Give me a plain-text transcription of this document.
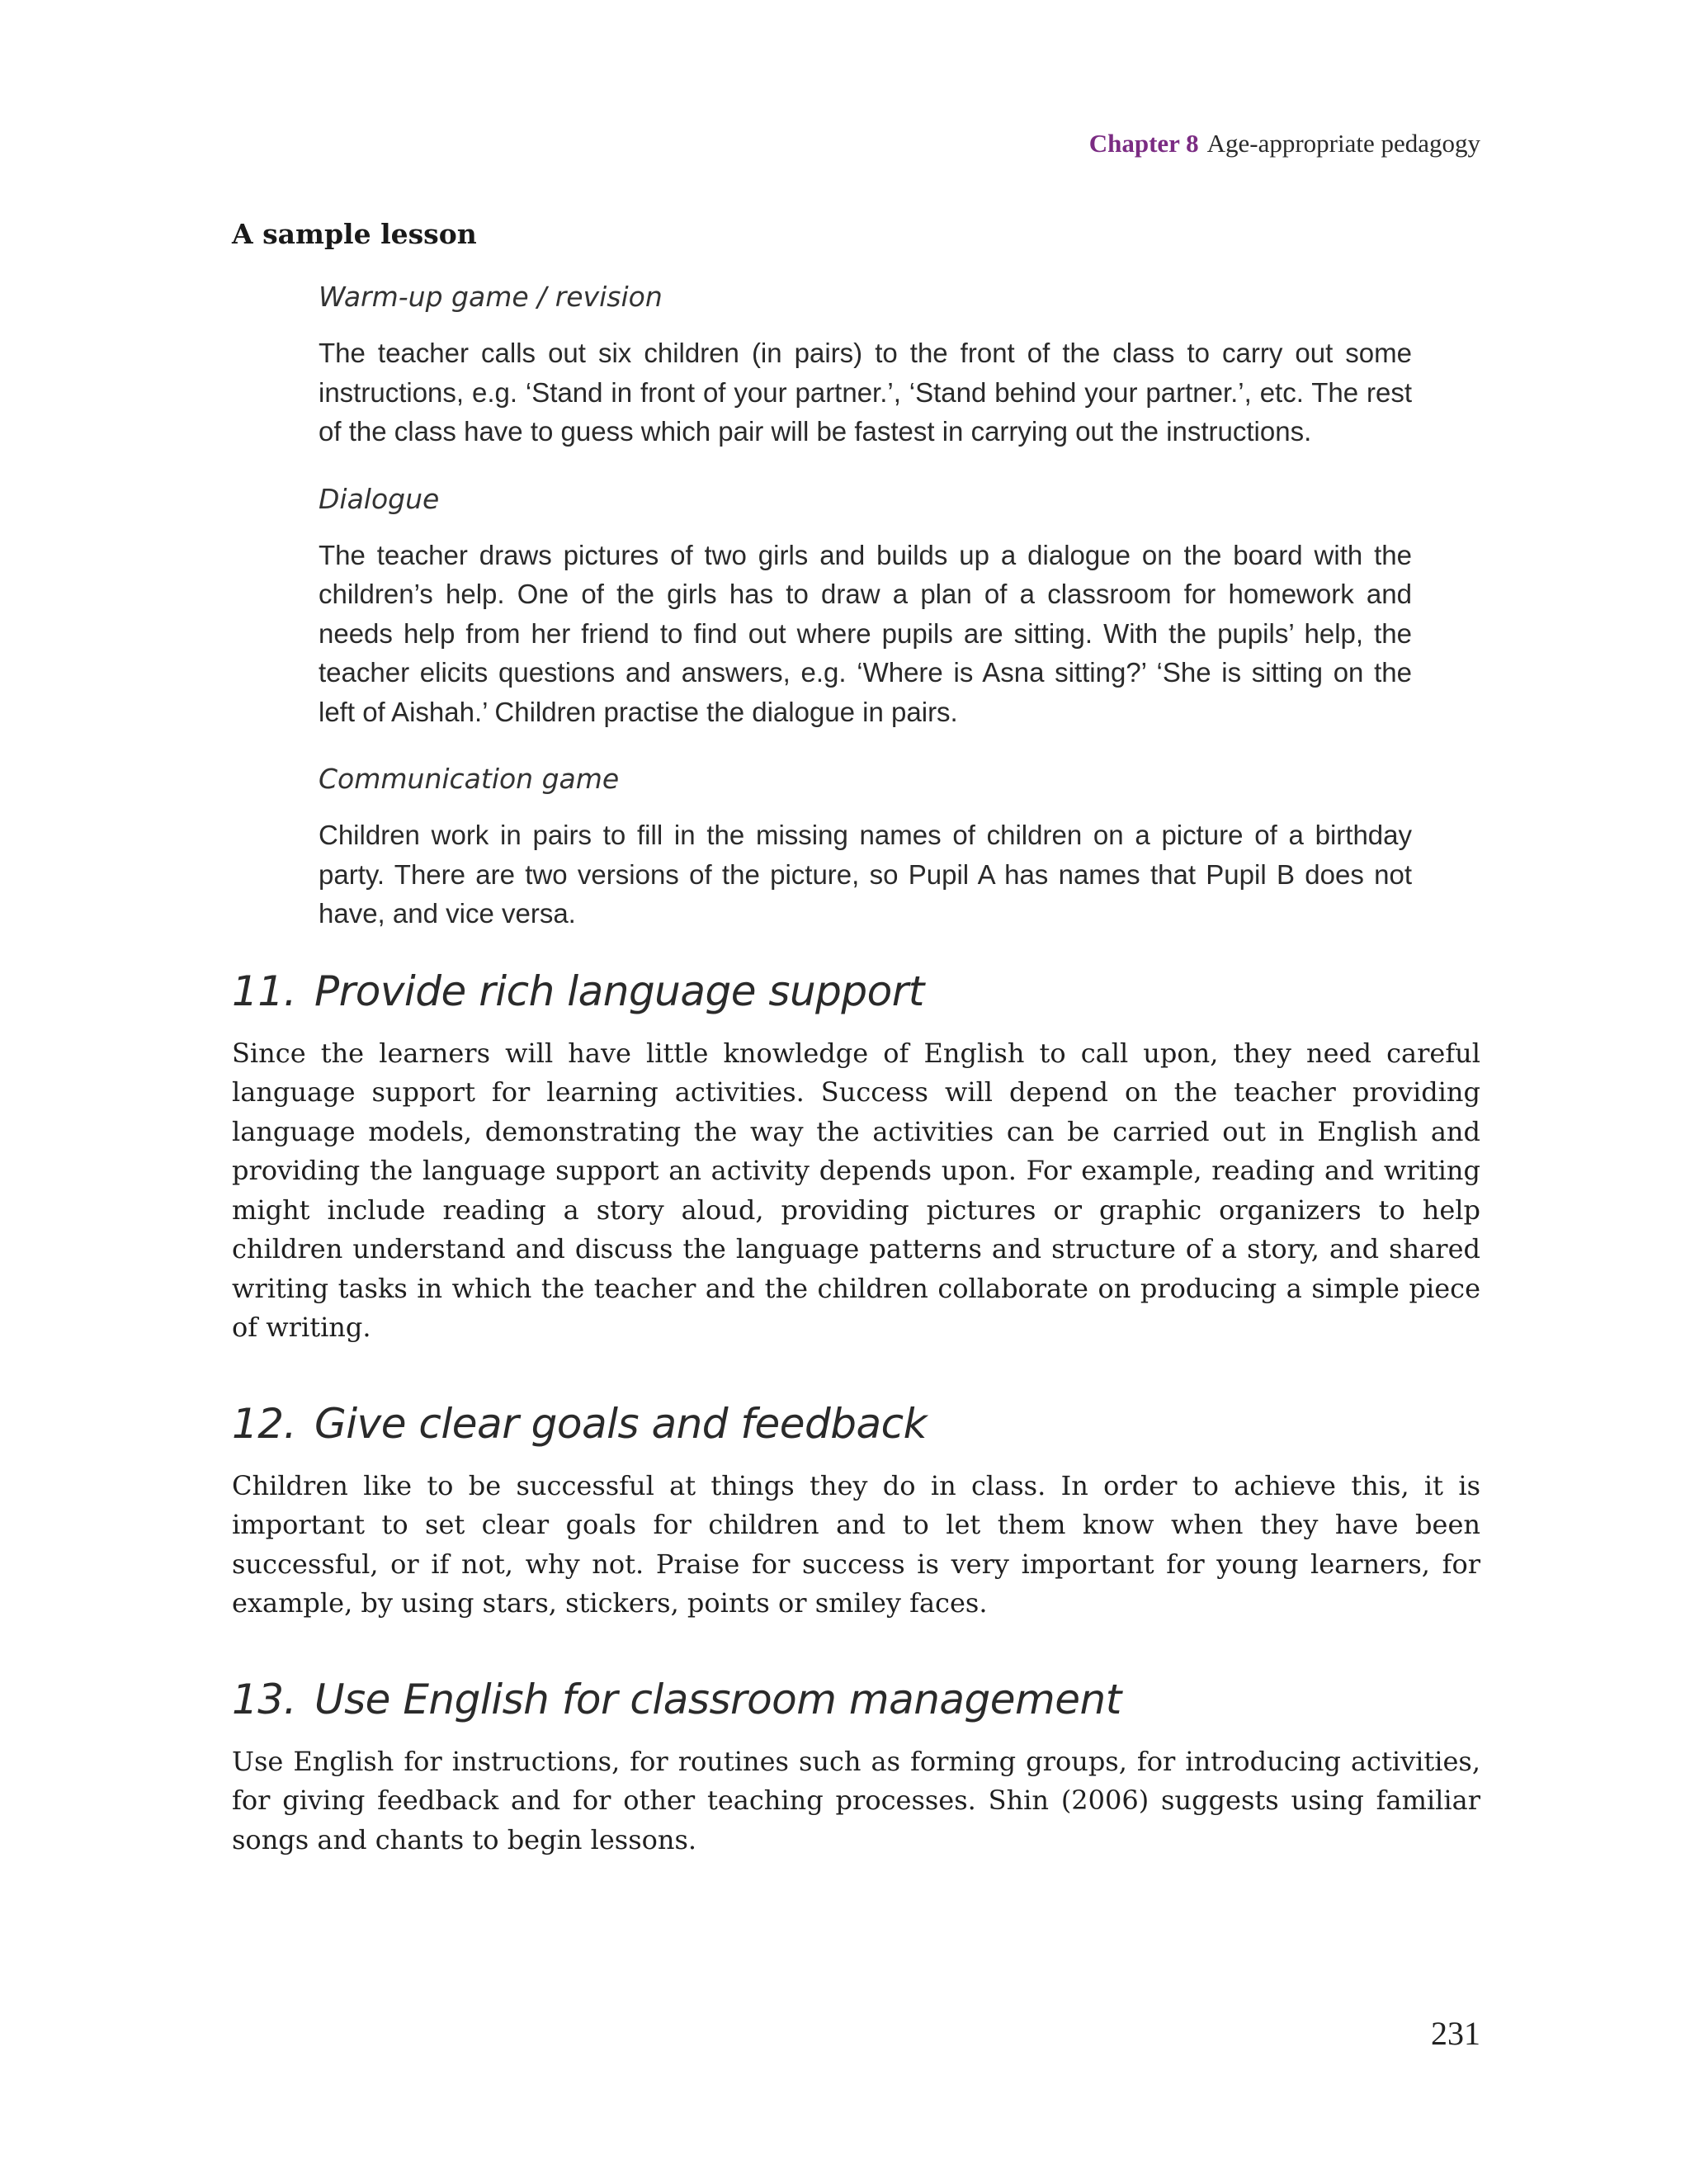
Chapter 8 Age-appropriate pedagogy
A sample lesson
Warm-up game / revision

The teacher calls out six children (in pairs) to the front of the class to carry out some instructions, e.g. ‘Stand in front of your partner.’, ‘Stand behind your partner.’, etc. The rest of the class have to guess which pair will be fastest in carrying out the instructions.

Dialogue

The teacher draws pictures of two girls and builds up a dialogue on the board with the children’s help. One of the girls has to draw a plan of a classroom for homework and needs help from her friend to find out where pupils are sitting. With the pupils’ help, the teacher elicits questions and answers, e.g. ‘Where is Asna sitting?’ ‘She is sitting on the left of Aishah.’ Children practise the dialogue in pairs.

Communication game

Children work in pairs to fill in the missing names of children on a picture of a birthday party. There are two versions of the picture, so Pupil A has names that Pupil B does not have, and vice versa.

11. Provide rich language support

Since the learners will have little knowledge of English to call upon, they need careful language support for learning activities. Success will depend on the teacher providing language models, demonstrating the way the activities can be carried out in English and providing the language support an activity depends upon. For example, reading and writing might include reading a story aloud, providing pictures or graphic organizers to help children understand and discuss the language patterns and structure of a story, and shared writing tasks in which the teacher and the children collaborate on producing a simple piece of writing.

12. Give clear goals and feedback

Children like to be successful at things they do in class. In order to achieve this, it is important to set clear goals for children and to let them know when they have been successful, or if not, why not. Praise for success is very important for young learners, for example, by using stars, stickers, points or smiley faces.

13. Use English for classroom management

Use English for instructions, for routines such as forming groups, for introducing activities, for giving feedback and for other teaching processes. Shin (2006) suggests using familiar songs and chants to begin lessons.

231
